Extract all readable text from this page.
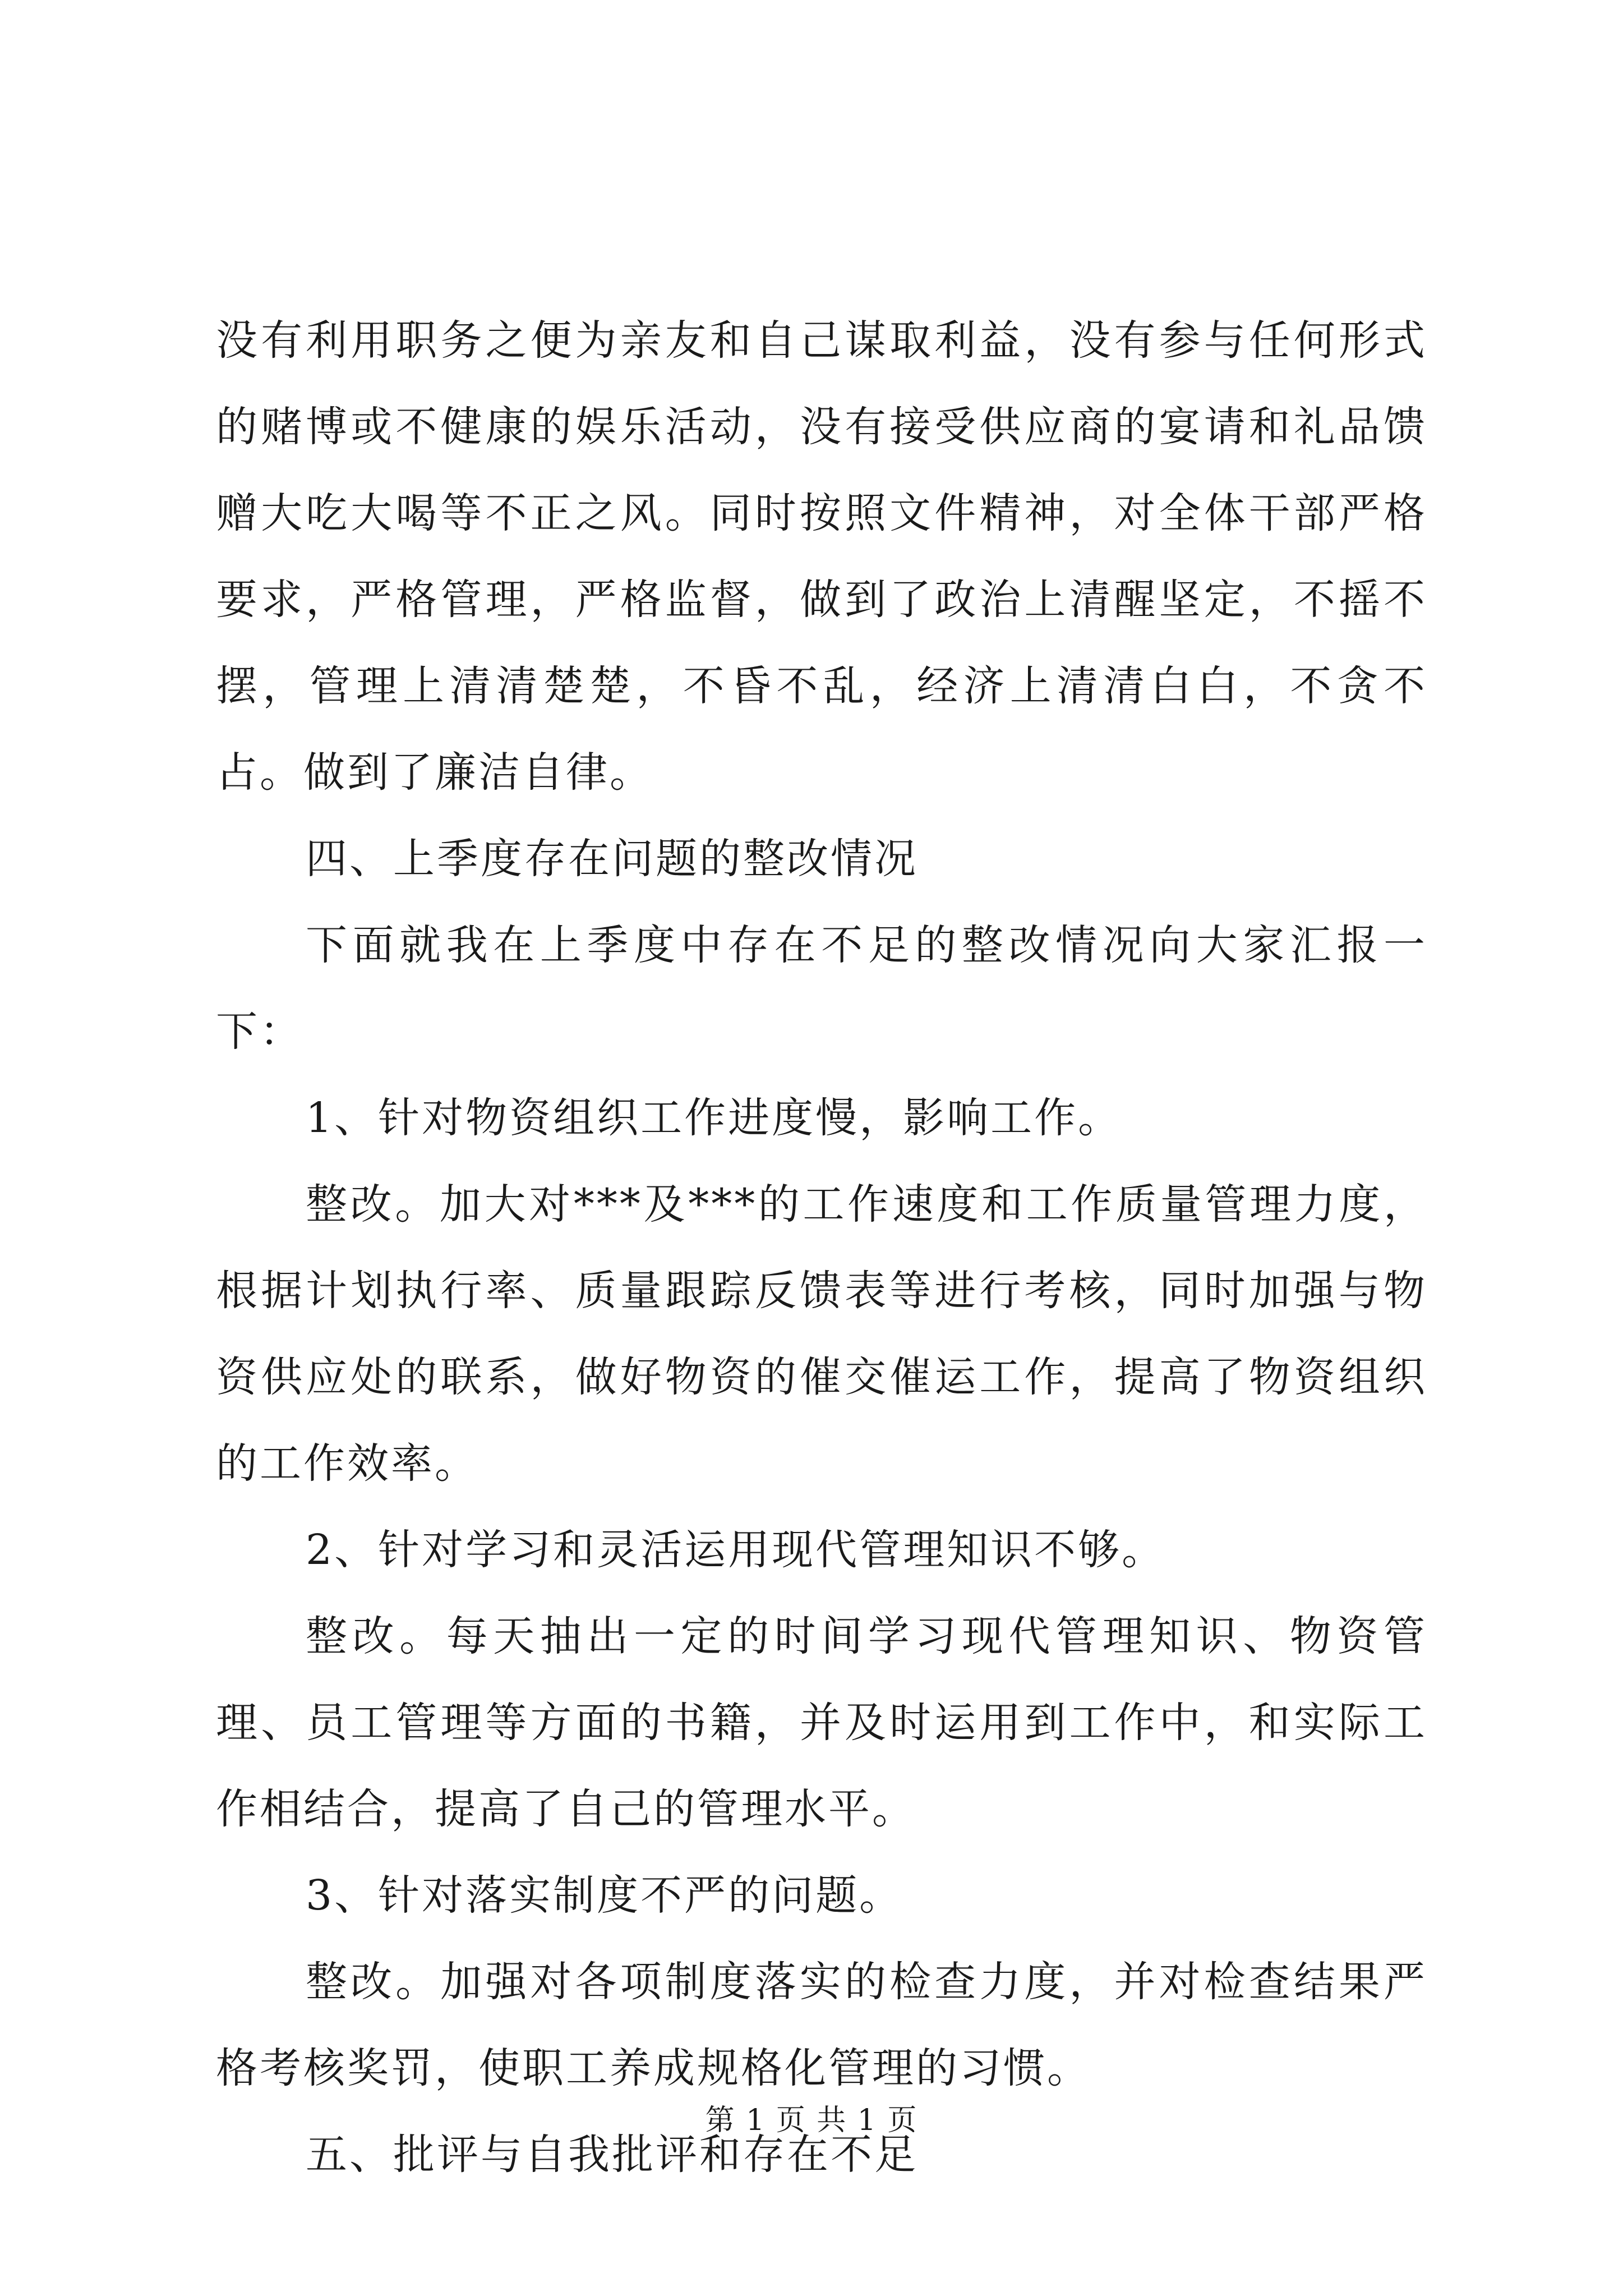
没有利用职务之便为亲友和自己谋取利益，没有参与任何形式的赌博或不健康的娱乐活动，没有接受供应商的宴请和礼品馈赠大吃大喝等不正之风。同时按照文件精神，对全体干部严格要求，严格管理，严格监督，做到了政治上清醒坚定，不摇不摆，管理上清清楚楚，不昏不乱，经济上清清白白，不贪不占。做到了廉洁自律。

四、上季度存在问题的整改情况

下面就我在上季度中存在不足的整改情况向大家汇报一下：

1、针对物资组织工作进度慢，影响工作。

整改。加大对***及***的工作速度和工作质量管理力度，根据计划执行率、质量跟踪反馈表等进行考核，同时加强与物资供应处的联系，做好物资的催交催运工作，提高了物资组织的工作效率。

2、针对学习和灵活运用现代管理知识不够。

整改。每天抽出一定的时间学习现代管理知识、物资管理、员工管理等方面的书籍，并及时运用到工作中，和实际工作相结合，提高了自己的管理水平。

3、针对落实制度不严的问题。

整改。加强对各项制度落实的检查力度，并对检查结果严格考核奖罚，使职工养成规格化管理的习惯。

五、批评与自我批评和存在不足

第 1 页 共 1 页
